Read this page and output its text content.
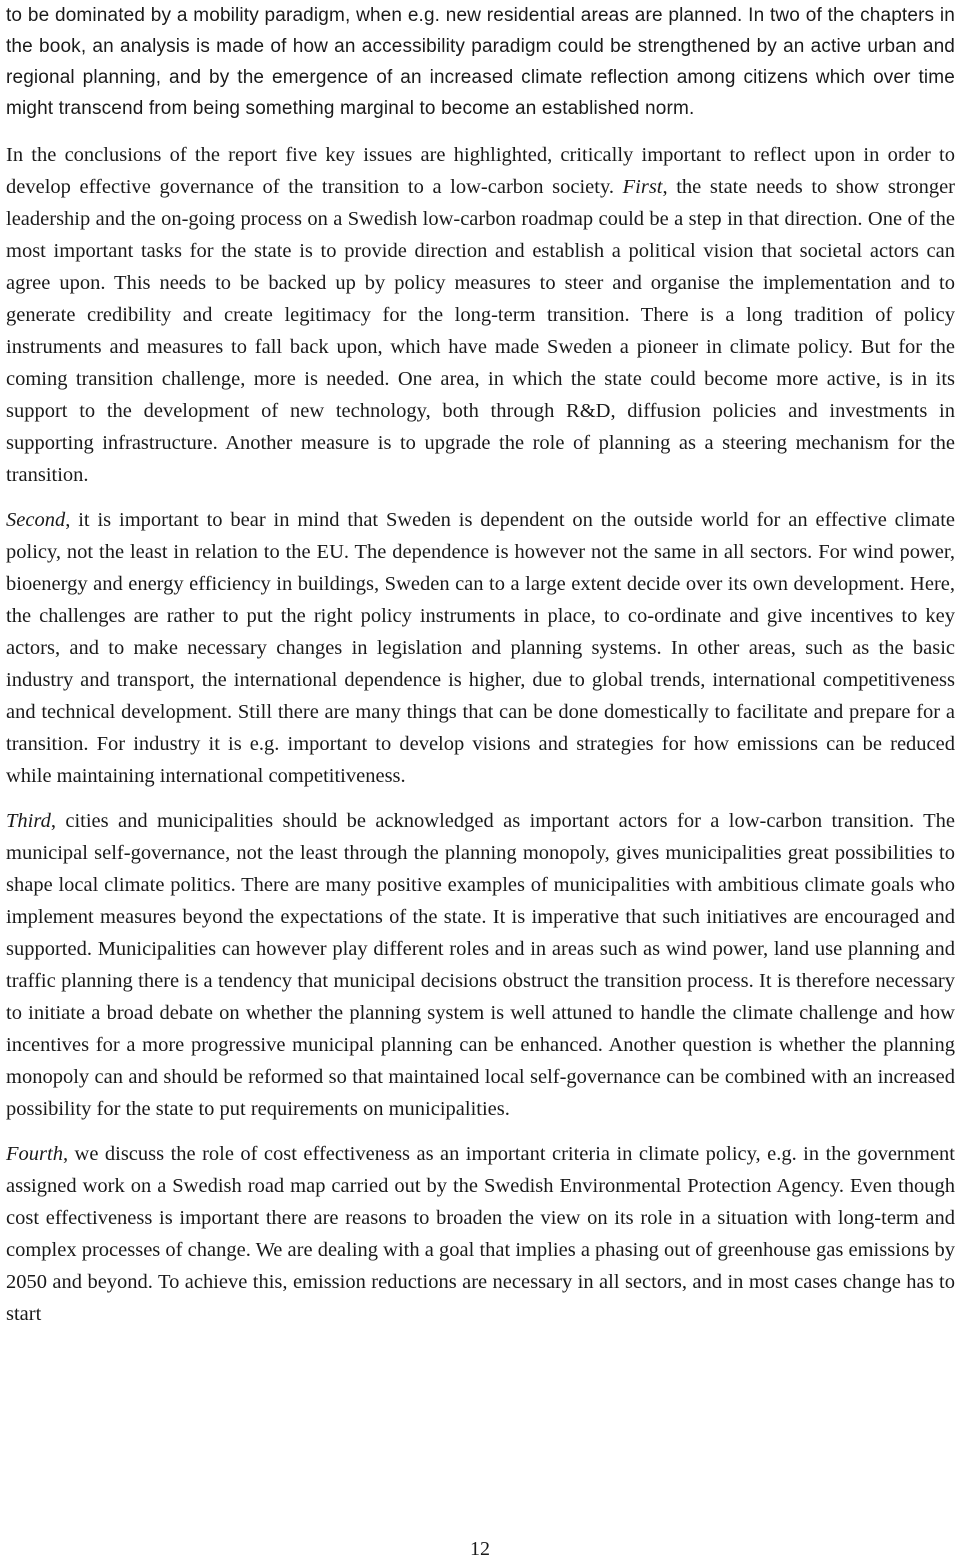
to be dominated by a mobility paradigm, when e.g. new residential areas are planned. In two of the chapters in the book, an analysis is made of how an accessibility paradigm could be strengthened by an active urban and regional planning, and by the emergence of an increased climate reflection among citizens which over time might transcend from being something marginal to become an established norm.

In the conclusions of the report five key issues are highlighted, critically important to reflect upon in order to develop effective governance of the transition to a low-carbon society. First, the state needs to show stronger leadership and the on-going process on a Swedish low-carbon roadmap could be a step in that direction. One of the most important tasks for the state is to provide direction and establish a political vision that societal actors can agree upon. This needs to be backed up by policy measures to steer and organise the implementation and to generate credibility and create legitimacy for the long-term transition. There is a long tradition of policy instruments and measures to fall back upon, which have made Sweden a pioneer in climate policy. But for the coming transition challenge, more is needed. One area, in which the state could become more active, is in its support to the development of new technology, both through R&D, diffusion policies and investments in supporting infrastructure. Another measure is to upgrade the role of planning as a steering mechanism for the transition.

Second, it is important to bear in mind that Sweden is dependent on the outside world for an effective climate policy, not the least in relation to the EU. The dependence is however not the same in all sectors. For wind power, bioenergy and energy efficiency in buildings, Sweden can to a large extent decide over its own development. Here, the challenges are rather to put the right policy instruments in place, to co-ordinate and give incentives to key actors, and to make necessary changes in legislation and planning systems. In other areas, such as the basic industry and transport, the international dependence is higher, due to global trends, international competitiveness and technical development. Still there are many things that can be done domestically to facilitate and prepare for a transition. For industry it is e.g. important to develop visions and strategies for how emissions can be reduced while maintaining international competitiveness.

Third, cities and municipalities should be acknowledged as important actors for a low-carbon transition. The municipal self-governance, not the least through the planning monopoly, gives municipalities great possibilities to shape local climate politics. There are many positive examples of municipalities with ambitious climate goals who implement measures beyond the expectations of the state. It is imperative that such initiatives are encouraged and supported. Municipalities can however play different roles and in areas such as wind power, land use planning and traffic planning there is a tendency that municipal decisions obstruct the transition process. It is therefore necessary to initiate a broad debate on whether the planning system is well attuned to handle the climate challenge and how incentives for a more progressive municipal planning can be enhanced. Another question is whether the planning monopoly can and should be reformed so that maintained local self-governance can be combined with an increased possibility for the state to put requirements on municipalities.

Fourth, we discuss the role of cost effectiveness as an important criteria in climate policy, e.g. in the government assigned work on a Swedish road map carried out by the Swedish Environmental Protection Agency. Even though cost effectiveness is important there are reasons to broaden the view on its role in a situation with long-term and complex processes of change. We are dealing with a goal that implies a phasing out of greenhouse gas emissions by 2050 and beyond. To achieve this, emission reductions are necessary in all sectors, and in most cases change has to start

12
